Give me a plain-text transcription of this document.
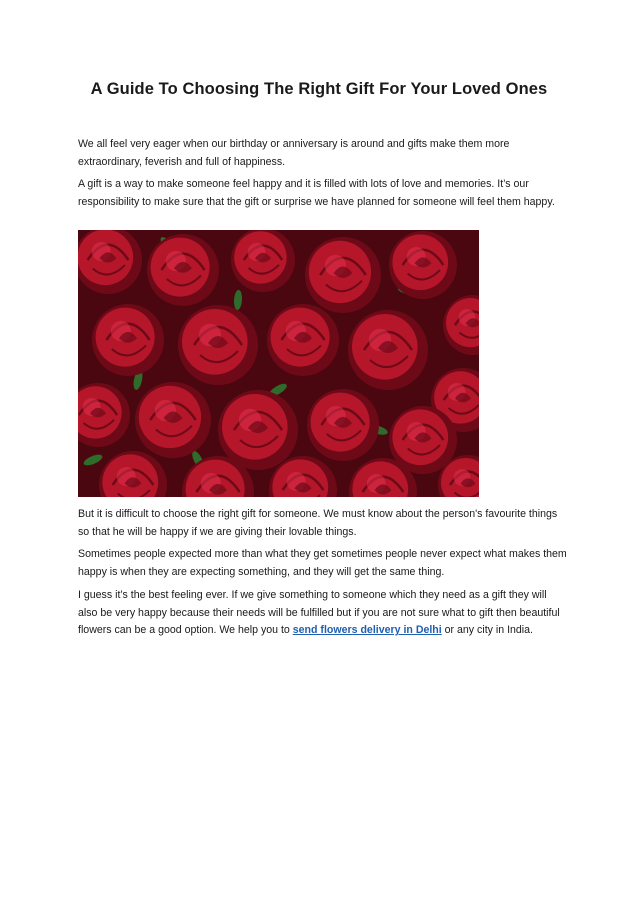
A Guide To Choosing The Right Gift For Your Loved Ones

We all feel very eager when our birthday or anniversary is around and gifts make them more extraordinary, feverish and full of happiness.

A gift is a way to make someone feel happy and it is filled with lots of love and memories. It’s our responsibility to make sure that the gift or surprise we have planned for someone will feel them happy.

But it is difficult to choose the right gift for someone. We must know about the person's favourite things so that he will be happy if we are giving their lovable things.

Sometimes people expected more than what they get sometimes people never expect what makes them happy is when they are expecting something, and they will get the same thing.

I guess it’s the best feeling ever. If we give something to someone which they need as a gift they will also be very happy because their needs will be fulfilled but if you are not sure what to gift then beautiful flowers can be a good option. We help you to send flowers delivery in Delhi or any city in India.
